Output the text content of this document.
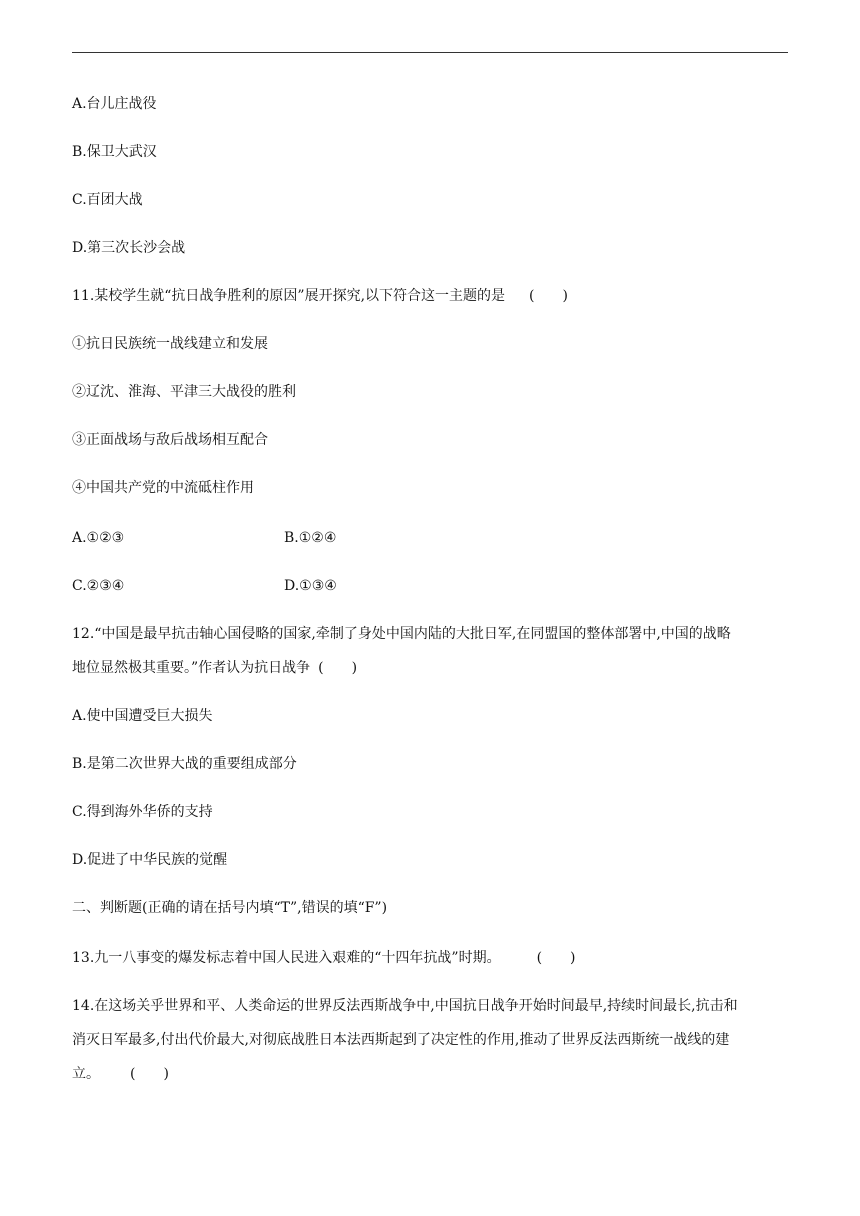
A.台儿庄战役
B.保卫大武汉
C.百团大战
D.第三次长沙会战
11.某校学生就“抗日战争胜利的原因”展开探究,以下符合这一主题的是 (　　)
①抗日民族统一战线建立和发展
②辽沈、淮海、平津三大战役的胜利
③正面战场与敌后战场相互配合
④中国共产党的中流砥柱作用
A.①②③	B.①②④
C.②③④	D.①③④
12.“中国是最早抗击轴心国侵略的国家,牵制了身处中国内陆的大批日军,在同盟国的整体部署中,中国的战略
地位显然极其重要。”作者认为抗日战争 (　　)
A.使中国遭受巨大损失
B.是第二次世界大战的重要组成部分
C.得到海外华侨的支持
D.促进了中华民族的觉醒
二、判断题(正确的请在括号内填“T”,错误的填“F”)
13.九一八事变的爆发标志着中国人民进入艰难的“十四年抗战”时期。	(　　)
14.在这场关乎世界和平、人类命运的世界反法西斯战争中,中国抗日战争开始时间最早,持续时间最长,抗击和
消灭日军最多,付出代价最大,对彻底战胜日本法西斯起到了决定性的作用,推动了世界反法西斯统一战线的建
立。 (　　)
